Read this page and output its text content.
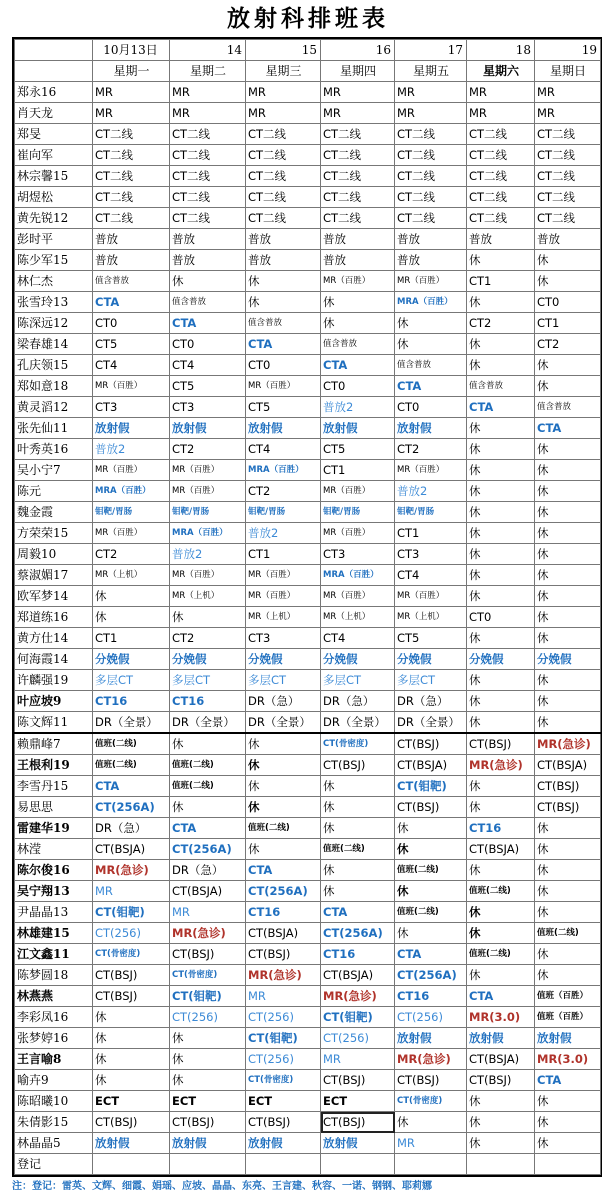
放射科排班表
	10月13日	14	15	16	17	18	19
	星期一	星期二	星期三	星期四	星期五	星期六	星期日
郑永16	MR	MR	MR	MR	MR	MR	MR
肖天龙	MR	MR	MR	MR	MR	MR	MR
郑旻	CT二线	CT二线	CT二线	CT二线	CT二线	CT二线	CT二线
崔向军	CT二线	CT二线	CT二线	CT二线	CT二线	CT二线	CT二线
林宗馨15	CT二线	CT二线	CT二线	CT二线	CT二线	CT二线	CT二线
胡煜松	CT二线	CT二线	CT二线	CT二线	CT二线	CT二线	CT二线
黄先锐12	CT二线	CT二线	CT二线	CT二线	CT二线	CT二线	CT二线
彭时平	普放	普放	普放	普放	普放	普放	普放
陈少军15	普放	普放	普放	普放	普放	休	休
林仁杰	值含普放	休	休	MR（百胜）	MR（百胜）	CT1	休
张雪玲13	CTA	值含普放	休	休	MRA（百胜）	休	CT0
陈深远12	CT0	CTA	值含普放	休	休	CT2	CT1
梁春雄14	CT5	CT0	CTA	值含普放	休	休	CT2
孔庆领15	CT4	CT4	CT0	CTA	值含普放	休	休
郑如意18	MR（百胜）	CT5	MR（百胜）	CT0	CTA	值含普放	休
黄灵滔12	CT3	CT3	CT5	普放2	CT0	CTA	值含普放
张先仙11	放射假	放射假	放射假	放射假	放射假	休	CTA
叶秀英16	普放2	CT2	CT4	CT5	CT2	休	休
吴小宁7	MR（百胜）	MR（百胜）	MRA（百胜）	CT1	MR（百胜）	休	休
陈元	MRA（百胜）	MR（百胜）	CT2	MR（百胜）	普放2	休	休
魏金霞	钼靶/胃肠	钼靶/胃肠	钼靶/胃肠	钼靶/胃肠	钼靶/胃肠	休	休
方荣荣15	MR（百胜）	MRA（百胜）	普放2	MR（百胜）	CT1	休	休
周毅10	CT2	普放2	CT1	CT3	CT3	休	休
蔡淑媚17	MR（上机）	MR（百胜）	MR（百胜）	MRA（百胜）	CT4	休	休
欧军梦14	休	MR（上机）	MR（百胜）	MR（百胜）	MR（百胜）	休	休
郑道练16	休	休	MR（上机）	MR（上机）	MR（上机）	CT0	休
黄方仕14	CT1	CT2	CT3	CT4	CT5	休	休
何海霞14	分娩假	分娩假	分娩假	分娩假	分娩假	分娩假	分娩假
许麟强19	多层CT	多层CT	多层CT	多层CT	多层CT	休	休
叶应坡9	CT16	CT16	DR（急）	DR（急）	DR（急）	休	休
陈文辉11	DR（全景）	DR（全景）	DR（全景）	DR（全景）	DR（全景）	休	休
赖鼎峰7	值班(二线)	休	休	CT(骨密度)	CT(BSJ)	CT(BSJ)	MR(急诊)
王根利19	值班(二线)	值班(二线)	休	CT(BSJ)	CT(BSJA)	MR(急诊)	CT(BSJA)
李雪丹15	CTA	值班(二线)	休	休	CT(钼靶)	休	CT(BSJ)
易思思	CT(256A)	休	休	休	CT(BSJ)	休	CT(BSJ)
雷建华19	DR（急）	CTA	值班(二线)	休	休	CT16	休
林滢	CT(BSJA)	CT(256A)	休	值班(二线)	休	CT(BSJA)	休
陈尔俊16	MR(急诊)	DR（急）	CTA	休	值班(二线)	休	休
吴宁翔13	MR	CT(BSJA)	CT(256A)	休	休	值班(二线)	休
尹晶晶13	CT(钼靶)	MR	CT16	CTA	值班(二线)	休	休
林雄建15	CT(256)	MR(急诊)	CT(BSJA)	CT(256A)	休	休	值班(二线)
江文鑫11	CT(骨密度)	CT(BSJ)	CT(BSJ)	CT16	CTA	值班(二线)	休
陈梦圆18	CT(BSJ)	CT(骨密度)	MR(急诊)	CT(BSJA)	CT(256A)	休	休
林燕燕	CT(BSJ)	CT(钼靶)	MR	MR(急诊)	CT16	CTA	值班（百胜）
李彩凤16	休	CT(256)	CT(256)	CT(钼靶)	CT(256)	MR(3.0)	值班（百胜）
张梦婷16	休	休	CT(钼靶)	CT(256)	放射假	放射假	放射假
王言喻8	休	休	CT(256)	MR	MR(急诊)	CT(BSJA)	MR(3.0)
喻卉9	休	休	CT(骨密度)	CT(BSJ)	CT(BSJ)	CT(BSJ)	CTA
陈昭曦10	ECT	ECT	ECT	ECT	CT(骨密度)	休	休
朱倩影15	CT(BSJ)	CT(BSJ)	CT(BSJ)	CT(BSJ)	休	休	休
林晶晶5	放射假	放射假	放射假	放射假	MR	休	休
登记							
注：登记：雷英、文辉、细霞、娟瑶、应坡、晶晶、东亮、王言建、秋容、一诺、钢钢、耶莉娜
